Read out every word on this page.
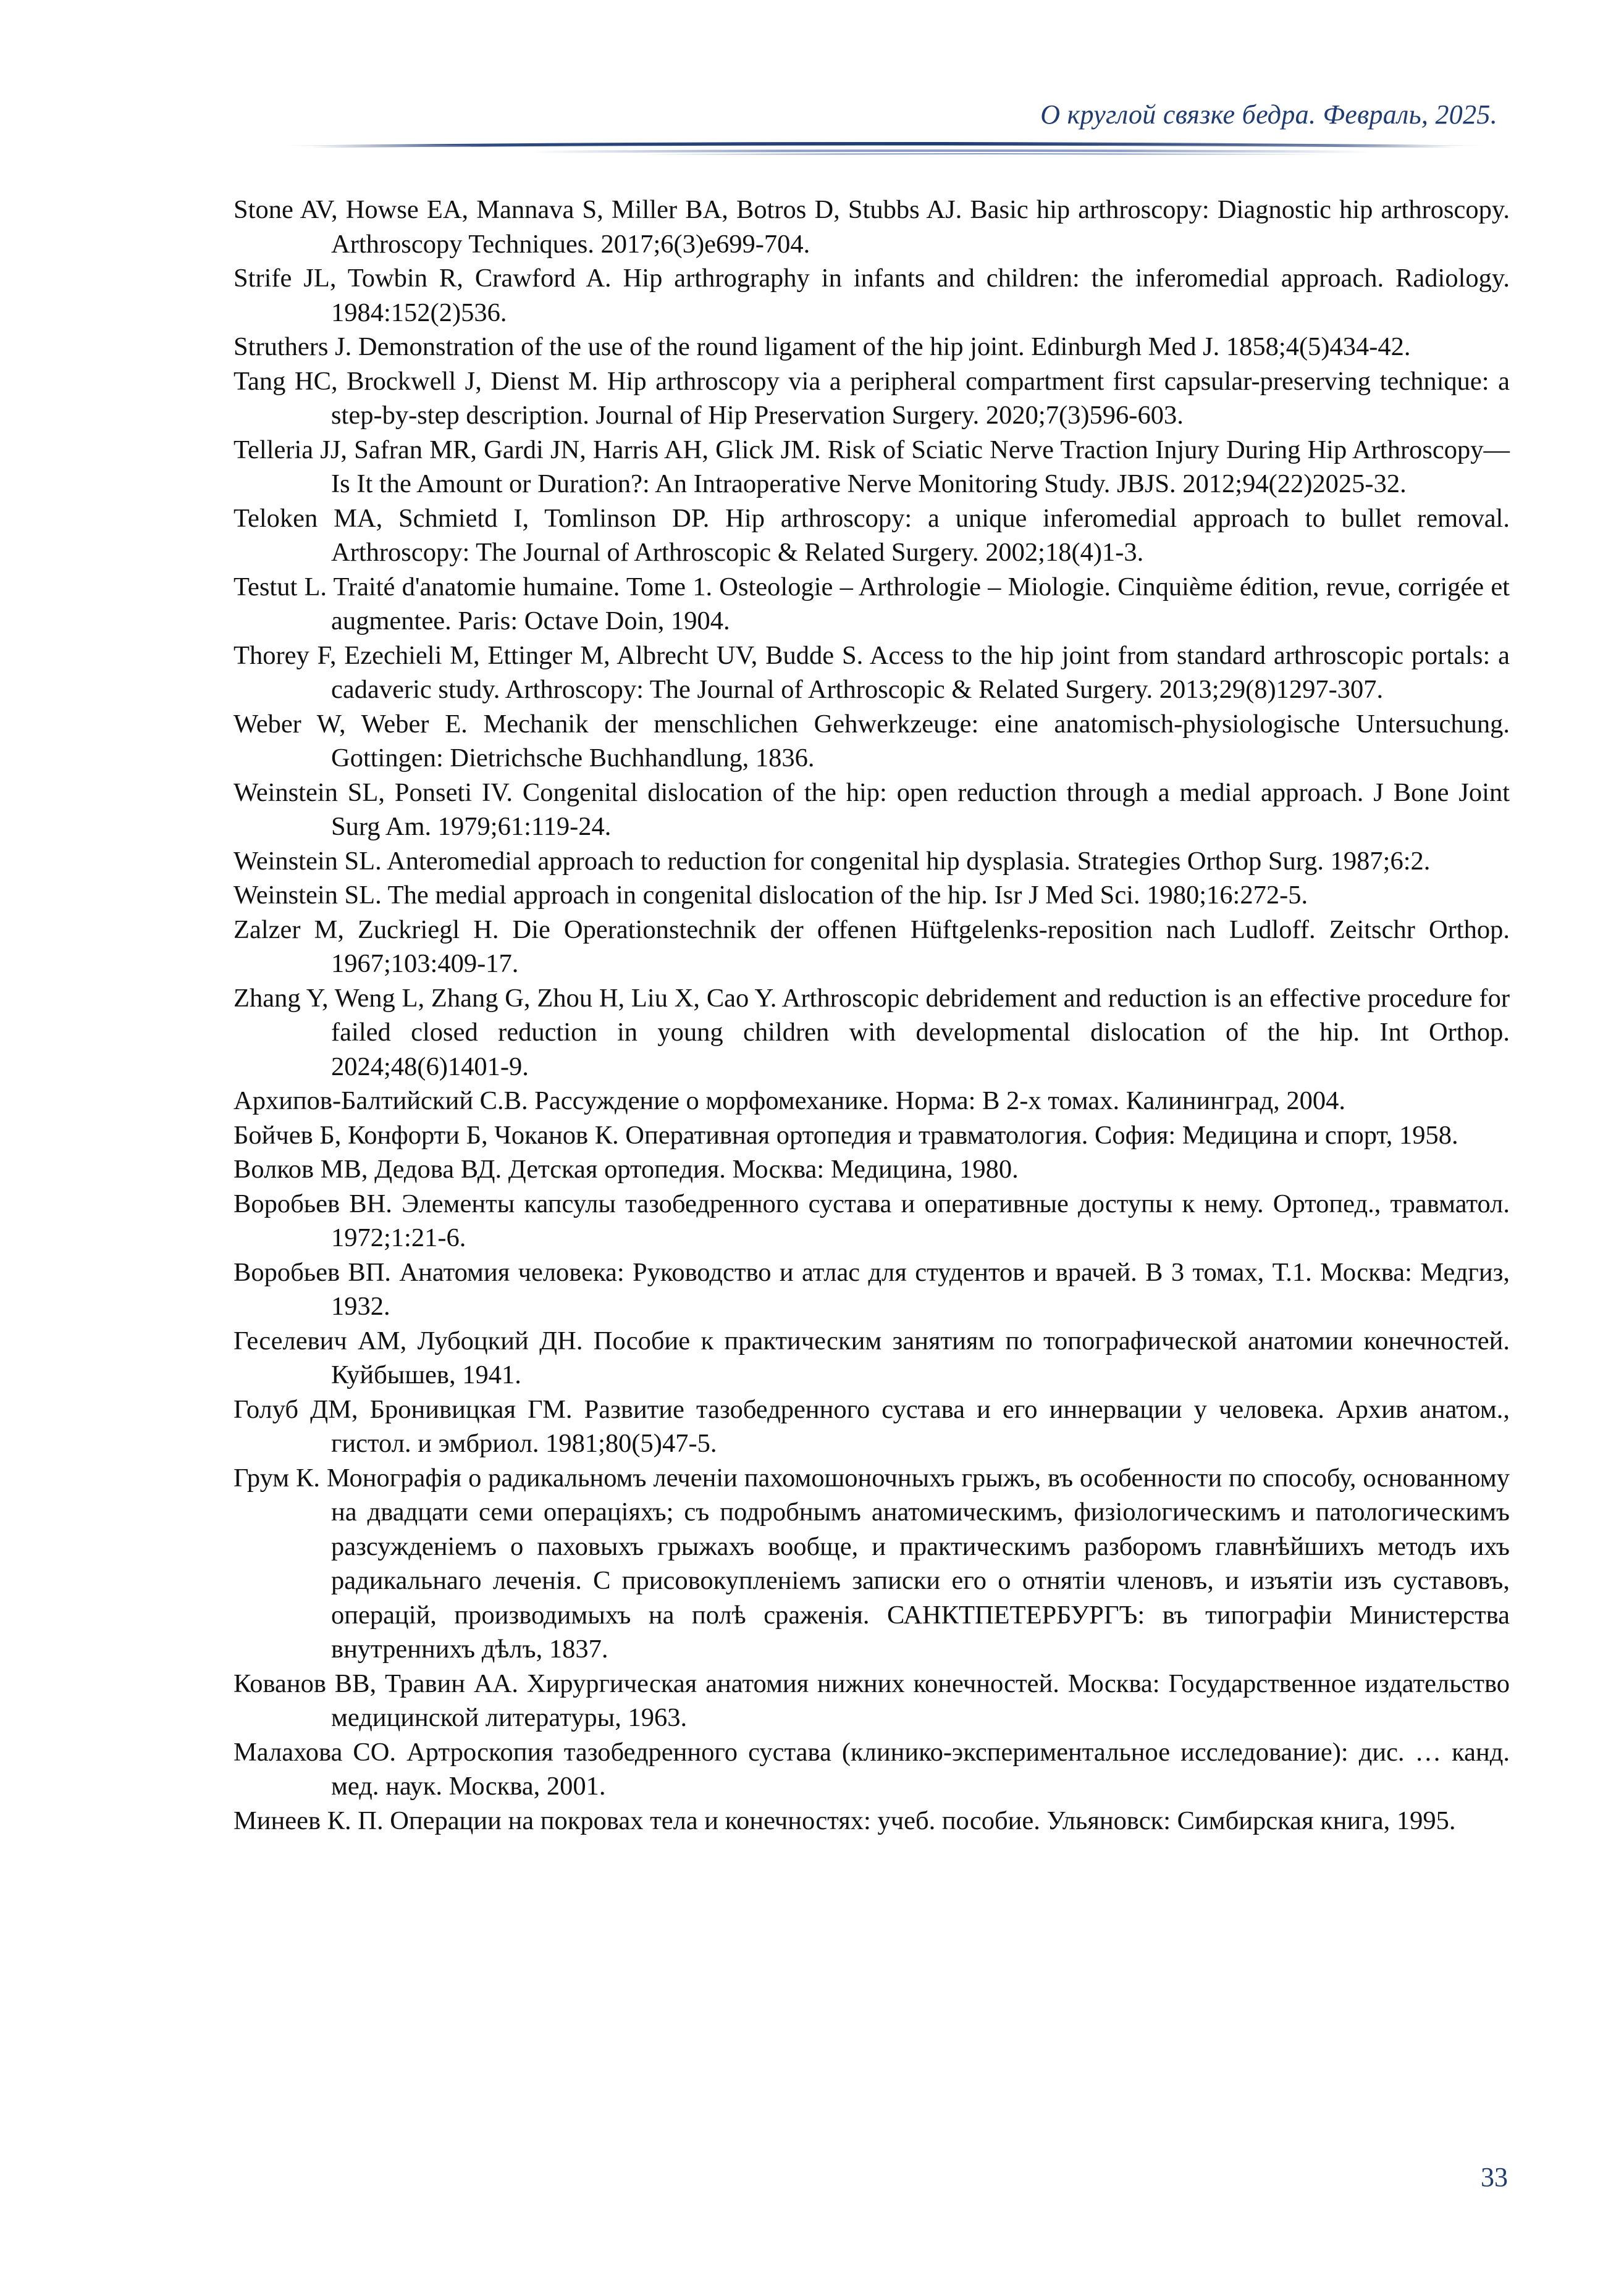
О круглой связке бедра. Февраль, 2025.
Stone AV, Howse EA, Mannava S, Miller BA, Botros D, Stubbs AJ. Basic hip arthroscopy: Diagnostic hip arthroscopy. Arthroscopy Techniques. 2017;6(3)e699-704.
Strife JL, Towbin R, Crawford A. Hip arthrography in infants and children: the inferomedial approach. Radiology. 1984:152(2)536.
Struthers J. Demonstration of the use of the round ligament of the hip joint. Edinburgh Med J. 1858;4(5)434-42.
Tang HC, Brockwell J, Dienst M. Hip arthroscopy via a peripheral compartment first capsular-preserving technique: a step-by-step description. Journal of Hip Preservation Surgery. 2020;7(3)596-603.
Telleria JJ, Safran MR, Gardi JN, Harris AH, Glick JM. Risk of Sciatic Nerve Traction Injury During Hip Arthroscopy—Is It the Amount or Duration?: An Intraoperative Nerve Monitoring Study. JBJS. 2012;94(22)2025-32.
Teloken MA, Schmietd I, Tomlinson DP. Hip arthroscopy: a unique inferomedial approach to bullet removal. Arthroscopy: The Journal of Arthroscopic & Related Surgery. 2002;18(4)1-3.
Testut L. Traité d'anatomie humaine. Tome 1. Osteologie – Arthrologie – Miologie. Cinquième édition, revue, corrigée et augmentee. Paris: Octave Doin, 1904.
Thorey F, Ezechieli M, Ettinger M, Albrecht UV, Budde S. Access to the hip joint from standard arthroscopic portals: a cadaveric study. Arthroscopy: The Journal of Arthroscopic & Related Surgery. 2013;29(8)1297-307.
Weber W, Weber E. Mechanik der menschlichen Gehwerkzeuge: eine anatomisch-physiologische Untersuchung. Gottingen: Dietrichsche Buchhandlung, 1836.
Weinstein SL, Ponseti IV. Congenital dislocation of the hip: open reduction through a medial approach. J Bone Joint Surg Am. 1979;61:119-24.
Weinstein SL. Anteromedial approach to reduction for congenital hip dysplasia. Strategies Orthop Surg. 1987;6:2.
Weinstein SL. The medial approach in congenital dislocation of the hip. Isr J Med Sci. 1980;16:272-5.
Zalzer M, Zuckriegl H. Die Operationstechnik der offenen Hüftgelenks-reposition nach Ludloff. Zeitschr Orthop. 1967;103:409-17.
Zhang Y, Weng L, Zhang G, Zhou H, Liu X, Cao Y. Arthroscopic debridement and reduction is an effective procedure for failed closed reduction in young children with developmental dislocation of the hip. Int Orthop. 2024;48(6)1401-9.
Архипов-Балтийский С.В. Рассуждение о морфомеханике. Норма: В 2-х томах. Калининград, 2004.
Бойчев Б, Конфорти Б, Чоканов К. Оперативная ортопедия и травматология. София: Медицина и спорт, 1958.
Волков МВ, Дедова ВД. Детская ортопедия. Москва: Медицина, 1980.
Воробьев ВН. Элементы капсулы тазобедренного сустава и оперативные доступы к нему. Ортопед., травматол. 1972;1:21-6.
Воробьев ВП. Анатомия человека: Руководство и атлас для студентов и врачей. В 3 томах, Т.1. Москва: Медгиз, 1932.
Геселевич АМ, Лубоцкий ДН. Пособие к практическим занятиям по топографической анатомии конечностей. Куйбышев, 1941.
Голуб ДМ, Бронивицкая ГМ. Развитие тазобедренного сустава и его иннервации у человека. Архив анатом., гистол. и эмбриол. 1981;80(5)47-5.
Грум К. Монографiя о радикальномъ леченiи пахомошоночныхъ грыжъ, въ особенности по способу, основанному на двадцати семи операцiяхъ; съ подробнымъ анатомическимъ, физiологическимъ и патологическимъ разсужденiемъ о паховыхъ грыжахъ вообще, и практическимъ разборомъ главнѣйшихъ методъ ихъ радикальнаго леченiя. С присовокупленiемъ записки его о отнятiи членовъ, и изъятiи изъ суставовъ, операцiй, производимыхъ на полѣ сраженiя. САНКТПЕТЕРБУРГЪ: въ типографiи Министерства внутреннихъ дѣлъ, 1837.
Кованов ВВ, Травин АА. Хирургическая анатомия нижних конечностей. Москва: Государственное издательство медицинской литературы, 1963.
Малахова СО. Артроскопия тазобедренного сустава (клинико-экспериментальное исследование): дис. … канд. мед. наук. Москва, 2001.
Минеев К. П. Операции на покровах тела и конечностях: учеб. пособие. Ульяновск: Симбирская книга, 1995.
33
